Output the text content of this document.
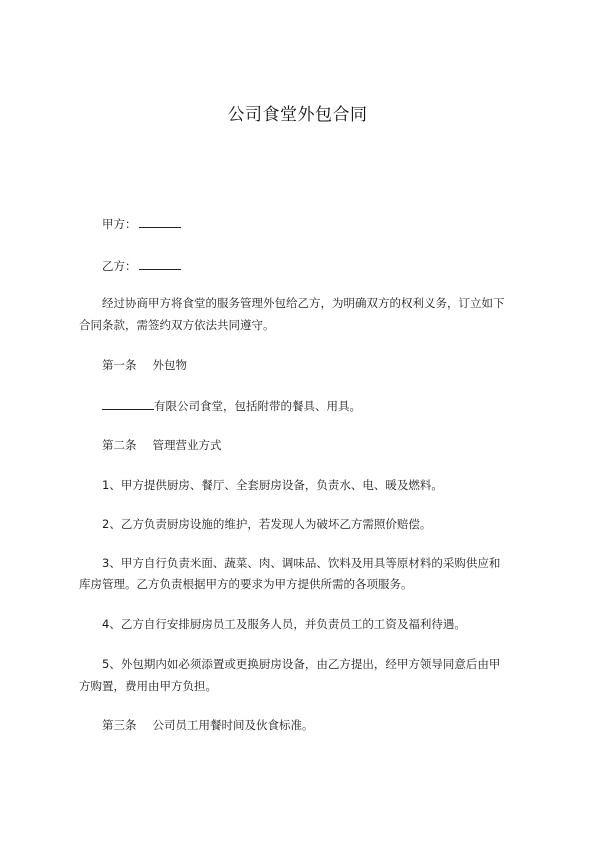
公司食堂外包合同
甲方：
乙方：
经过协商甲方将食堂的服务管理外包给乙方，为明确双方的权利义务，订立如下
合同条款，需签约双方依法共同遵守。
第一条 外包物
有限公司食堂，包括附带的餐具、用具。
第二条 管理营业方式
1、甲方提供厨房、餐厅、全套厨房设备，负责水、电、暖及燃料。
2、乙方负责厨房设施的维护，若发现人为破坏乙方需照价赔偿。
3、甲方自行负责米面、蔬菜、肉、调味品、饮料及用具等原材料的采购供应和
库房管理。乙方负责根据甲方的要求为甲方提供所需的各项服务。
4、乙方自行安排厨房员工及服务人员，并负责员工的工资及福利待遇。
5、外包期内如必须添置或更换厨房设备，由乙方提出，经甲方领导同意后由甲
方购置，费用由甲方负担。
第三条 公司员工用餐时间及伙食标准。
